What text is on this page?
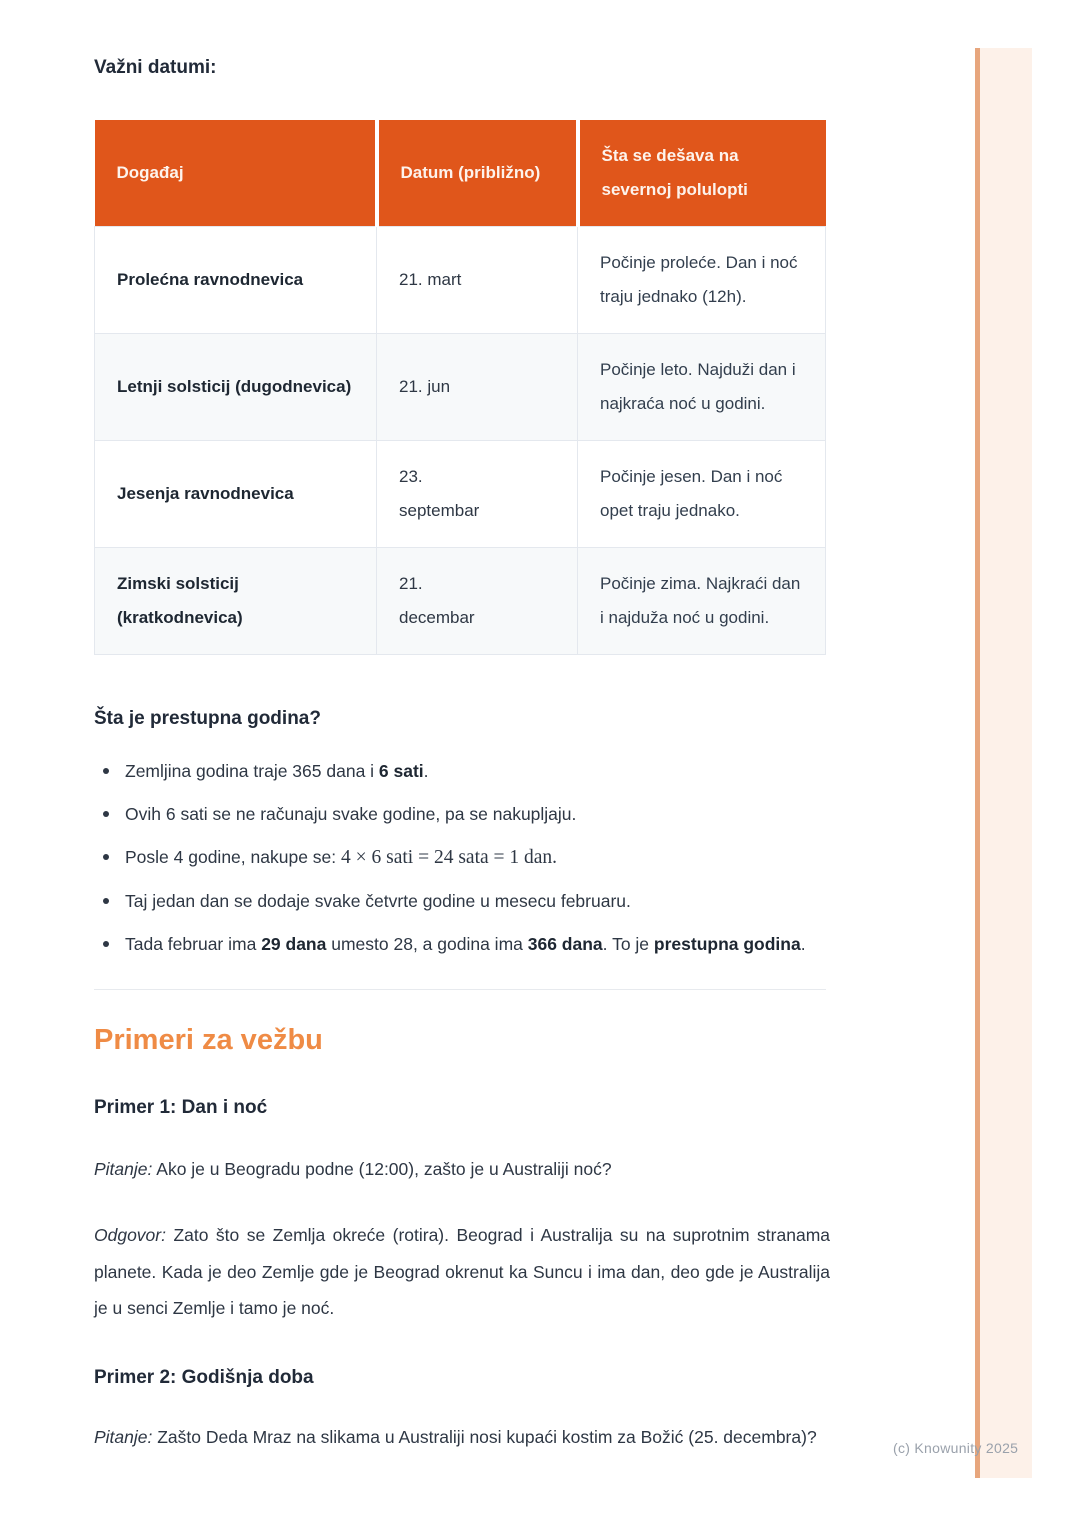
(c) Knowunity 2025
Važni datumi:
Događaj	Datum (približno)	Šta se dešava na severnoj polulopti
Prolećna ravnodnevica	21. mart	Počinje proleće. Dan i noć traju jednako (12h).
Letnji solsticij (dugodnevica)	21. jun	Počinje leto. Najduži dan i najkraća noć u godini.
Jesenja ravnodnevica	23. septembar	Počinje jesen. Dan i noć opet traju jednako.
Zimski solsticij (kratkodnevica)	21. decembar	Počinje zima. Najkraći dan i najduža noć u godini.
Šta je prestupna godina?
Zemljina godina traje 365 dana i 6 sati.
Ovih 6 sati se ne računaju svake godine, pa se nakupljaju.
Posle 4 godine, nakupe se: 4 × 6 sati = 24 sata = 1 dan.
Taj jedan dan se dodaje svake četvrte godine u mesecu februaru.
Tada februar ima 29 dana umesto 28, a godina ima 366 dana. To je prestupna godina.
Primeri za vežbu
Primer 1: Dan i noć

Pitanje: Ako je u Beogradu podne (12:00), zašto je u Australiji noć?

Odgovor: Zato što se Zemlja okreće (rotira). Beograd i Australija su na suprotnim stranama planete. Kada je deo Zemlje gde je Beograd okrenut ka Suncu i ima dan, deo gde je Australija je u senci Zemlje i tamo je noć.

Primer 2: Godišnja doba

Pitanje: Zašto Deda Mraz na slikama u Australiji nosi kupaći kostim za Božić (25. decembra)?
